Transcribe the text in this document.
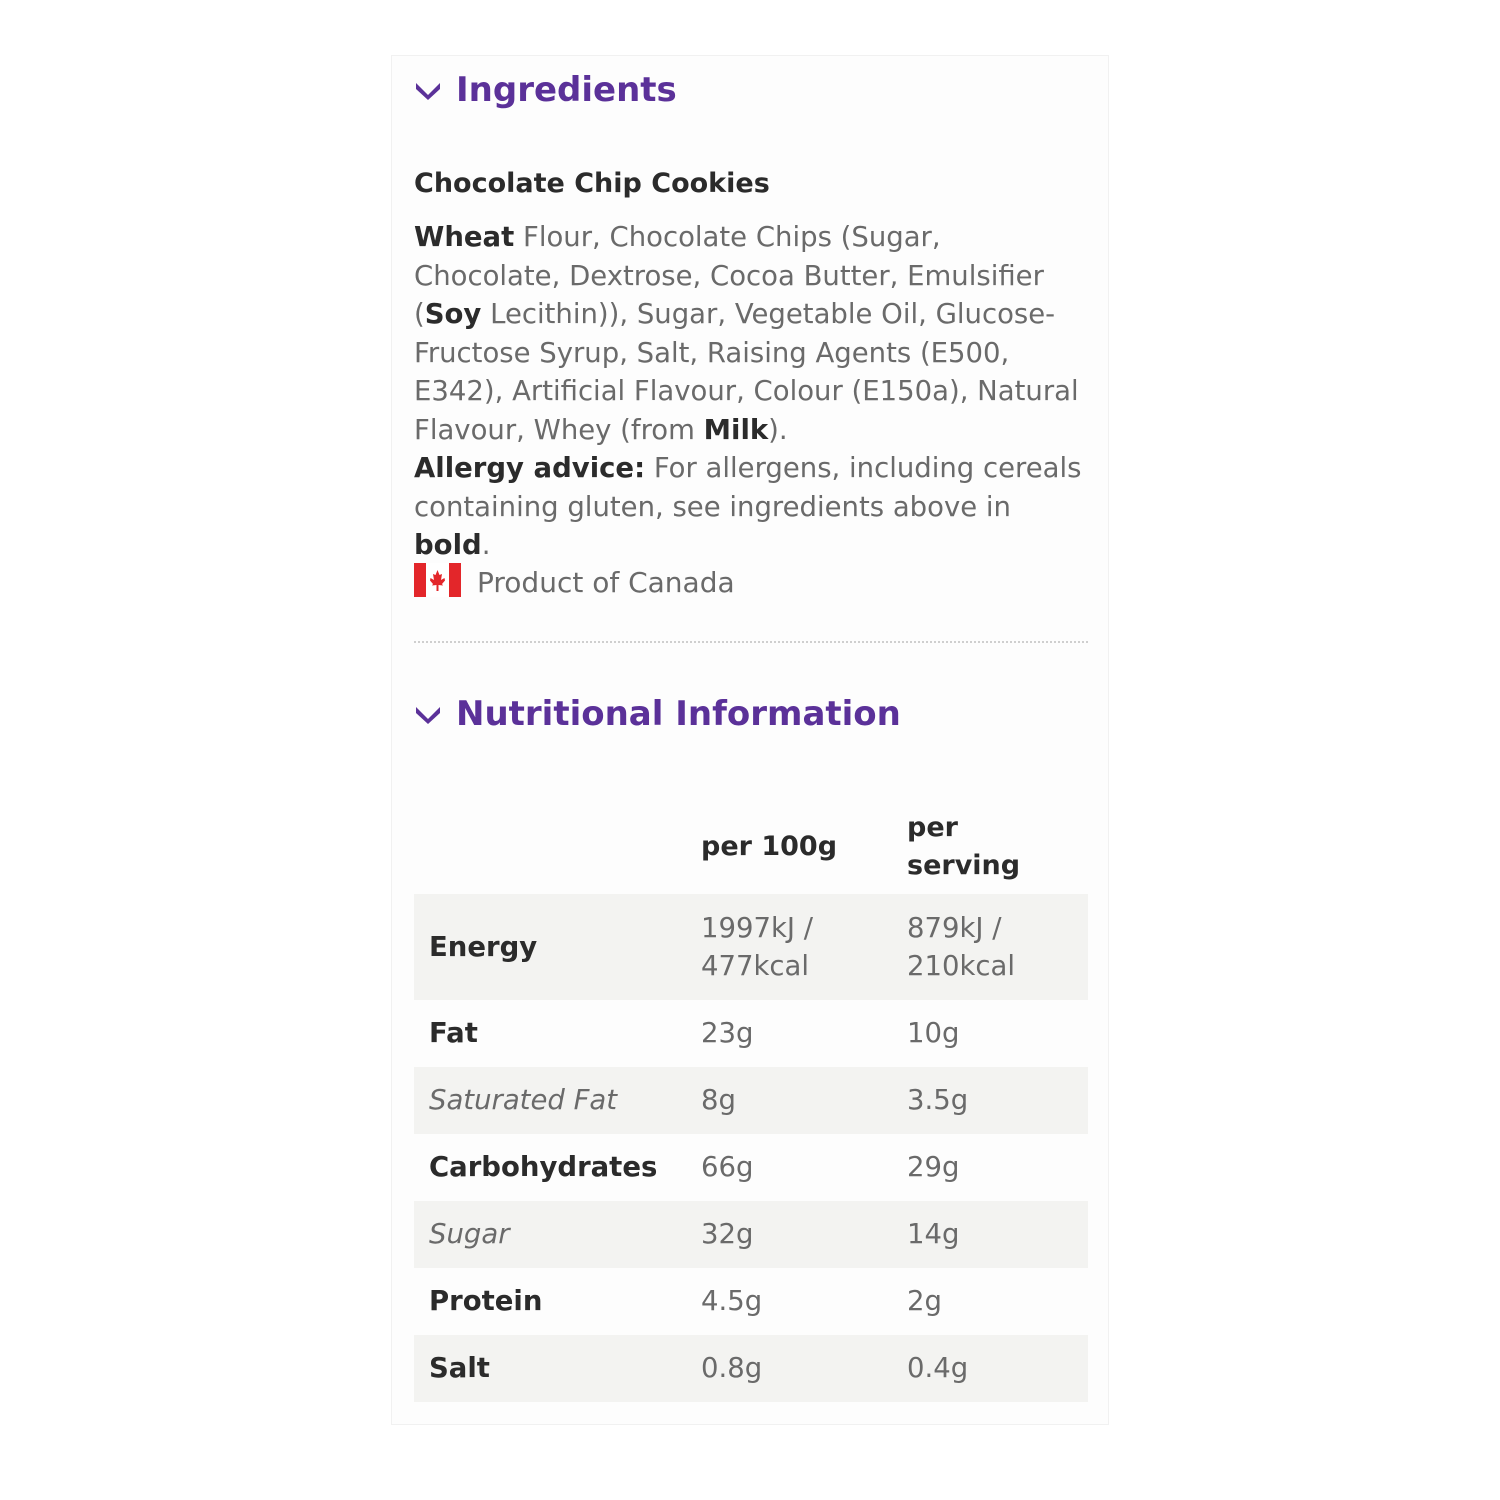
Ingredients
Chocolate Chip Cookies
Wheat Flour, Chocolate Chips (Sugar, Chocolate, Dextrose, Cocoa Butter, Emulsifier (Soy Lecithin)), Sugar, Vegetable Oil, Glucose-Fructose Syrup, Salt, Raising Agents (E500, E342), Artificial Flavour, Colour (E150a), Natural Flavour, Whey (from Milk).
Allergy advice: For allergens, including cereals containing gluten, see ingredients above in bold.
Product of Canada
Nutritional Information
	per 100g	per serving

Energy	1997kJ / 477kcal	879kJ / 210kcal

Fat	23g	10g

Saturated Fat	8g	3.5g

Carbohydrates	66g	29g

Sugar	32g	14g

Protein	4.5g	2g

Salt	0.8g	0.4g
